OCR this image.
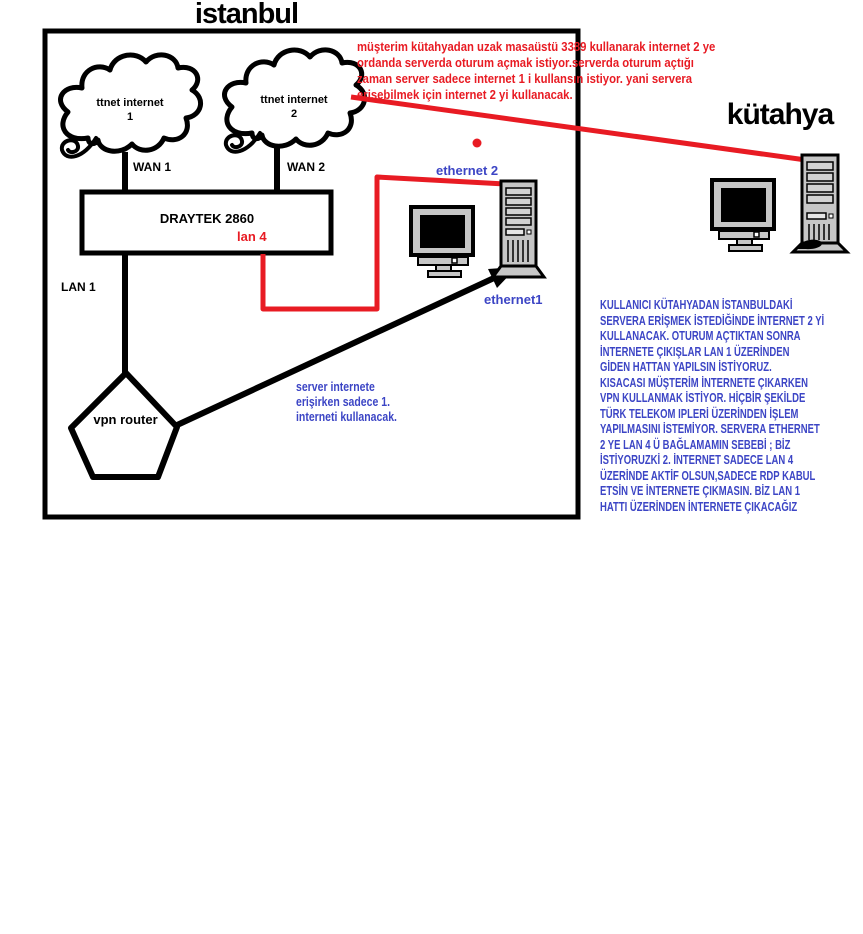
istanbul
kütahya
müşterim kütahyadan uzak masaüstü 3389 kullanarak internet 2 ye
ordanda serverda oturum açmak istiyor.serverda oturum açtığı
zaman server sadece internet 1 i kullansın istiyor. yani servera
erişebilmek için internet 2 yi kullanacak.
ttnet internet
1
ttnet internet
2
WAN 1	WAN 2
LAN 1
lan 4
DRAYTEK 2860
vpn router
ethernet 2
ethernet1
server internete
erişirken sadece 1.
interneti kullanacak.
KULLANICI KÜTAHYADAN İSTANBULDAKİ
SERVERA ERİŞMEK İSTEDİĞİNDE İNTERNET 2 Yİ
KULLANACAK. OTURUM AÇTIKTAN SONRA
İNTERNETE ÇIKIŞLAR LAN 1 ÜZERİNDEN
GİDEN HATTAN YAPILSIN İSTİYORUZ.
KISACASI MÜŞTERİM İNTERNETE ÇIKARKEN
VPN KULLANMAK İSTİYOR. HİÇBİR ŞEKİLDE
TÜRK TELEKOM IPLERİ ÜZERİNDEN İŞLEM
YAPILMASINI İSTEMİYOR. SERVERA ETHERNET
2 YE LAN 4 Ü BAĞLAMAMIN SEBEBİ ; BİZ
İSTİYORUZKİ 2. İNTERNET SADECE LAN 4
ÜZERİNDE AKTİF OLSUN,SADECE RDP KABUL
ETSİN VE İNTERNETE ÇIKMASIN. BİZ LAN 1
HATTI ÜZERİNDEN İNTERNETE ÇIKACAĞIZ
